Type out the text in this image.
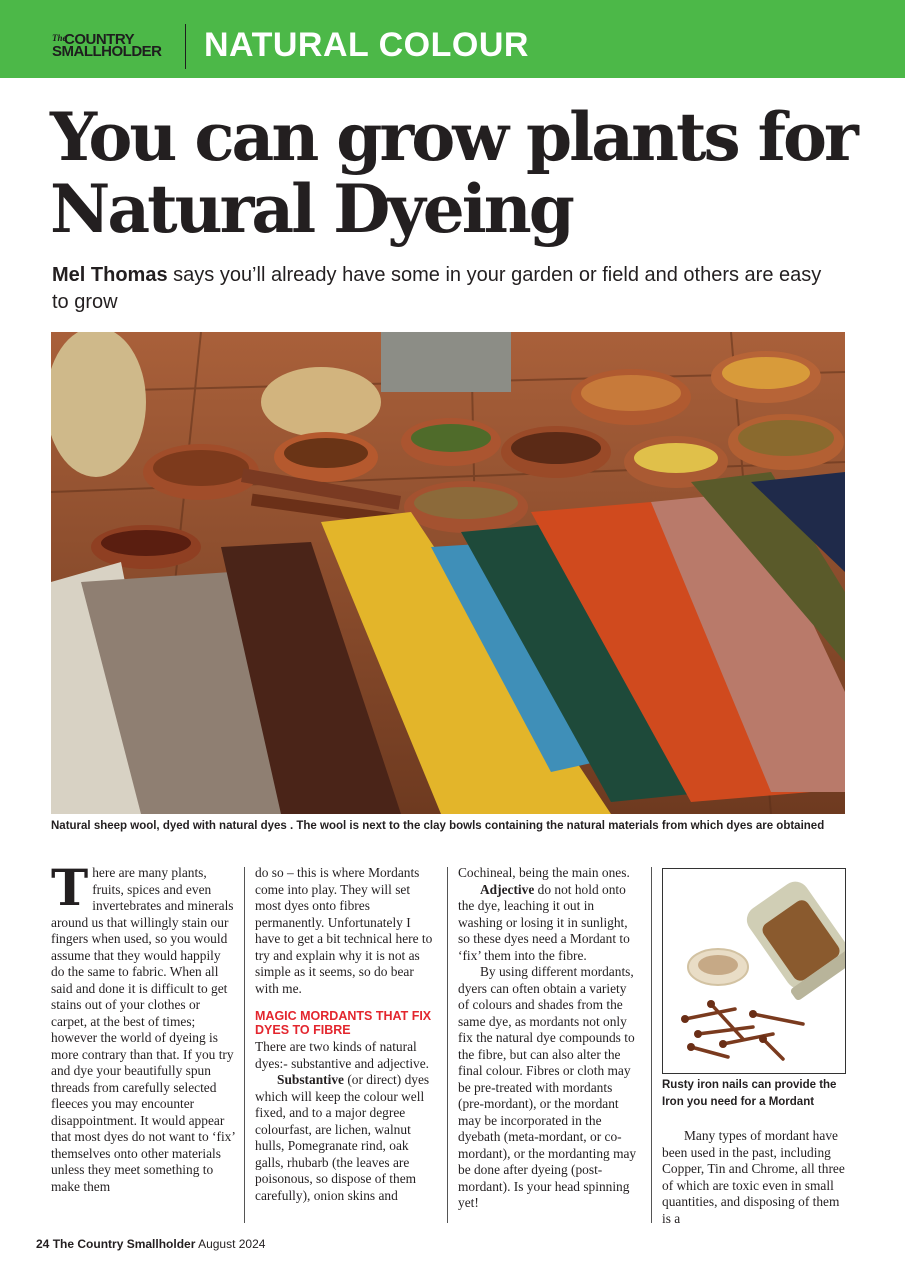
The
COUNTRY
SMALLHOLDER NATURAL COLOUR
You can grow plants for Natural Dyeing

Mel Thomas says you’ll already have some in your garden or field and others are easy to grow

Natural sheep wool, dyed with natural dyes . The wool is next to the clay bowls containing the natural materials from which dyes are obtained

There are many plants, fruits, spices and even invertebrates and minerals around us that willingly stain our fingers when used, so you would assume that they would happily do the same to fabric. When all said and done it is difficult to get stains out of your clothes or carpet, at the best of times; however the world of dyeing is more contrary than that. If you try and dye your beautifully spun threads from carefully selected fleeces you may encounter disappointment. It would appear that most dyes do not want to ‘fix’ themselves onto other materials unless they meet something to make them

do so – this is where Mordants come into play. They will set most dyes onto fibres permanently. Unfortunately I have to get a bit technical here to try and explain why it is not as simple as it seems, so do bear with me.

MAGIC MORDANTS THAT FIX DYES TO FIBRE

There are two kinds of natural dyes:- substantive and adjective.

Substantive (or direct) dyes which will keep the colour well fixed, and to a major degree colourfast, are lichen, walnut hulls, Pomegranate rind, oak galls, rhubarb (the leaves are poisonous, so dispose of them carefully), onion skins and

Cochineal, being the main ones.

Adjective do not hold onto the dye, leaching it out in washing or losing it in sunlight, so these dyes need a Mordant to ‘fix’ them into the fibre.

By using different mordants, dyers can often obtain a variety of colours and shades from the same dye, as mordants not only fix the natural dye compounds to the fibre, but can also alter the final colour. Fibres or cloth may be pre-treated with mordants (pre-mordant), or the mordant may be incorporated in the dyebath (meta-mordant, or co-mordant), or the mordanting may be done after dyeing (post-mordant). Is your head spinning yet!

Rusty iron nails can provide the Iron you need for a Mordant

Many types of mordant have been used in the past, including Copper, Tin and Chrome, all three of which are toxic even in small quantities, and disposing of them is a

24 The Country Smallholder August 2024
